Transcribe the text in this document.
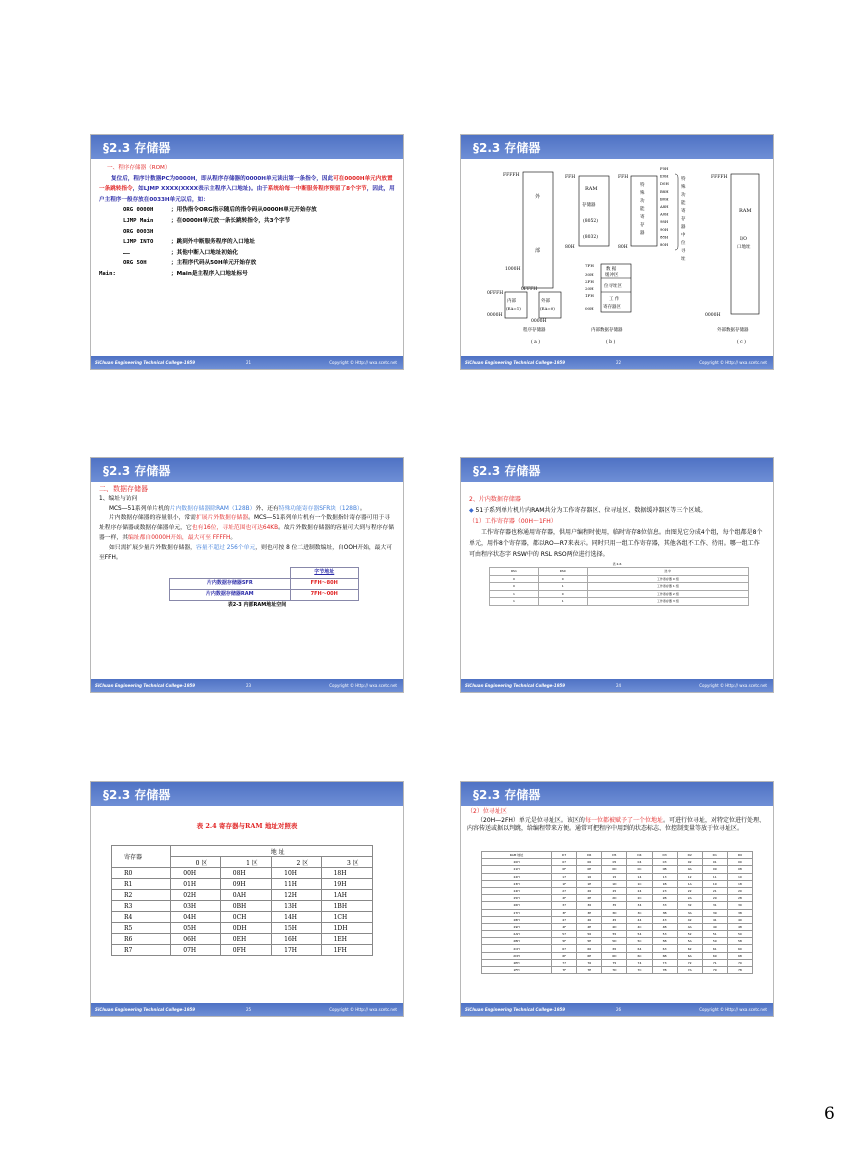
§2.3 存储器
一、程序存储器（ROM）
复位后，程序计数器PC为0000H，即从程序存储器的0000H单元读出第一条指令，因此可在0000H单元内放置一条跳转指令，如LJMP XXXX(XXXX表示主程序入口地址)。由于系统给每一中断服务程序预留了8个字节，因此，用户主程序一般存放在0033H单元以后，如：
ORG 0000H	；用伪指令ORG指示随后的指令码从0000H单元开始存放
LJMP Main	；在0000H单元放一条长跳转指令，共3个字节
ORG 0003H
LJMP INTO	；跳到外中断服务程序的入口地址
……	；其他中断入口地址初始化
ORG 50H	；主程序代码从50H单元开始存放
Main:	；Main是主程序入口地址标号
SiChuan Engineering Technical College-1959	21	Copyright © Http:// wxa.scetc.net
§2.3 存储器
FFFFH
外
部
1000H
内部
(EA=1)
外部
(EA=0)
0FFFH
0000H
0FFFH
0000H
程序存储器
( a )
FFH	FFH
RAM
存储器
(8052)
(8032)
80H	80H
特
殊
功
能
寄
存
器
F0H
E0H
D0H
B8H
B0H
A8H
A0H
98H
90H
88H
80H
特
殊
功
能
寄
存
器
中
位
寻
址
数 据
缓冲区
位寻址区
工 作
寄存器区
7FH
30H
2FH
20H
1FH
00H
内部数据存储器
( b )
FFFFH
RAM
I/O
口地址
0000H
外部数据存储器
( c )
SiChuan Engineering Technical College-1959	22	Copyright © Http:// wxa.scetc.net
§2.3 存储器
二、数据存储器
1、编址与访问
MCS—51系列单片机的片内数据存储器除RAM（128B）外、还有特殊功能寄存器SFR块（128B）。
片内数据存储器的容量很小，常需扩展片外数据存储器。MCS—51系列单片机有一个数据指针寄存器可用于寻址程序存储器或数据存储器单元，它也有16位，寻址范围也可达64KB。故片外数据存储器的容量可大到与程序存储器一样，其编址都自0000H开始，最大可至 FFFFH。
如只需扩展少量片外数据存储器，容量不超过 256个单元，则也可按 8 位二进制数编址，自OOH开始，最大可至FFH。
	字节地址
片内数据存储器SFR	FFH～80H
片内数据存储器RAM	7FH～00H
表2-3 内部RAM地址空间
SiChuan Engineering Technical College-1959	23	Copyright © Http:// wxa.scetc.net
§2.3 存储器
2、片内数据存储器
◆ 51子系列单片机片内RAM共分为工作寄存器区、位寻址区、数据缓冲器区等三个区域。
（1）工作寄存器（00H～1FH）
工作寄存器也称通用寄存器，供用户编程时使用，临时寄存8位信息。由图见它分成4个组，每个组都是8个单元，用作8个寄存器，都以RO—R7来表示。同时只用一组工作寄存器，其他各组不工作、待用。哪一组工作可由程序状态字 RSW中的 RSL RSO两位进行选择。
表 2-6
RS1	RS0	选 中
0	0	工作寄存器 0 组
0	1	工作寄存器 1 组
1	0	工作寄存器 2 组
1	1	工作寄存器 3 组
SiChuan Engineering Technical College-1959	24	Copyright © Http:// wxa.scetc.net
§2.3 存储器
表 2.4 寄存器与RAM 地址对照表
寄存器	地 址			
	0 区	1 区	2 区	3 区
R0	00H	08H	10H	18H
R1	01H	09H	11H	19H
R2	02H	0AH	12H	1AH
R3	03H	0BH	13H	1BH
R4	04H	0CH	14H	1CH
R5	05H	0DH	15H	1DH
R6	06H	0EH	16H	1EH
R7	07H	0FH	17H	1FH
SiChuan Engineering Technical College-1959	25	Copyright © Http:// wxa.scetc.net
§2.3 存储器
（2）位寻址区
（20H—2FH）单元是位寻址区。该区的每一位都被赋予了一个位地址。可进行位寻址，对特定位进行处理、内容传送或据以判跳，给编程带来方便。通常可把程序中用到的状态标志、位控制变量等放于位寻址区。
RAM 地址	D7	D6	D5	D4	D3	D2	D1	D0
20H	07	06	05	04	03	02	01	00
21H	0F	0E	0D	0C	0B	0A	09	08
22H	17	16	15	14	13	12	11	10
23H	1F	1E	1D	1C	1B	1A	19	18
24H	27	26	25	24	23	22	21	20
25H	2F	2E	2D	2C	2B	2A	29	28
26H	37	36	35	34	33	32	31	30
27H	3F	3E	3D	3C	3B	3A	39	38
28H	47	46	45	44	43	42	41	40
29H	4F	4E	4D	4C	4B	4A	49	48
2AH	57	56	55	54	53	52	51	50
2BH	5F	5E	5D	5C	5B	5A	59	58
2CH	67	66	65	64	63	62	61	60
2DH	6F	6E	6D	6C	6B	6A	69	68
2EH	77	76	75	74	73	72	71	70
2FH	7F	7E	7D	7C	7B	7A	79	78
SiChuan Engineering Technical College-1959	26	Copyright © Http:// wxa.scetc.net
6
